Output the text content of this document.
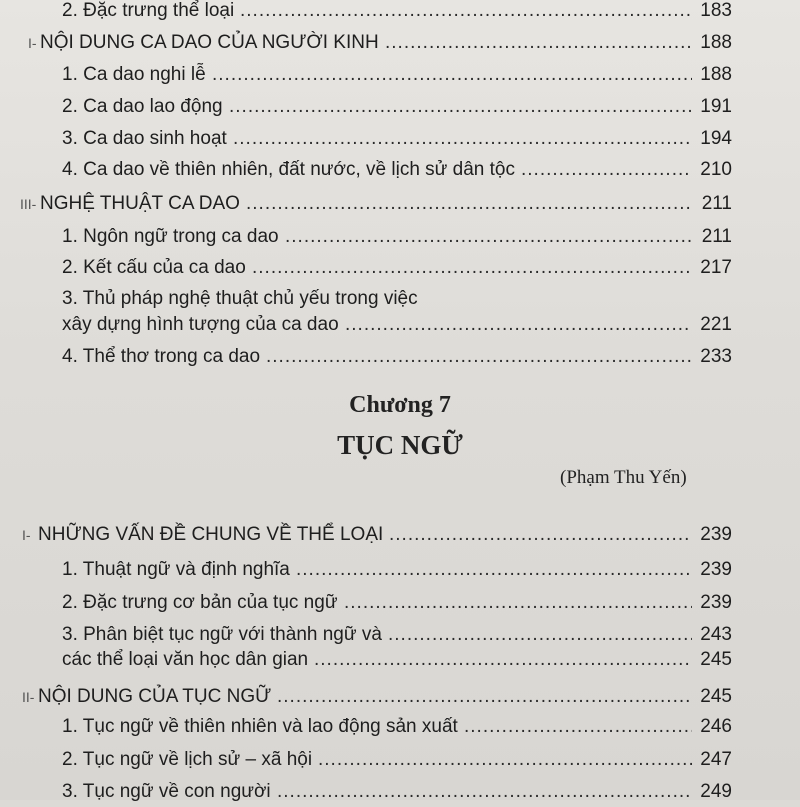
2. Đặc trưng thể loại .....	183
I- NỘI DUNG CA DAO CỦA NGƯỜI KINH .....	188
1. Ca dao nghi lễ .....	188
2. Ca dao lao động .....	191
3. Ca dao sinh hoạt .....	194
4. Ca dao về thiên nhiên, đất nước, về lịch sử dân tộc .....	210
III- NGHỆ THUẬT CA DAO .....	211
1. Ngôn ngữ trong ca dao .....	211
2. Kết cấu của ca dao .....	217
3. Thủ pháp nghệ thuật chủ yếu trong việc
xây dựng hình tượng của ca dao .....	221
4. Thể thơ trong ca dao .....	233
Chương 7
TỤC NGỮ
(Phạm Thu Yến)
I- NHỮNG VẤN ĐỀ CHUNG VỀ THỂ LOẠI .....	239
1. Thuật ngữ và định nghĩa .....	239
2. Đặc trưng cơ bản của tục ngữ .....	239
3. Phân biệt tục ngữ với thành ngữ và .....	243
các thể loại văn học dân gian .....	245
II- NỘI DUNG CỦA TỤC NGỮ .....	245
1. Tục ngữ về thiên nhiên và lao động sản xuất .....	246
2. Tục ngữ về lịch sử – xã hội .....	247
3. Tục ngữ về con người .....	249
